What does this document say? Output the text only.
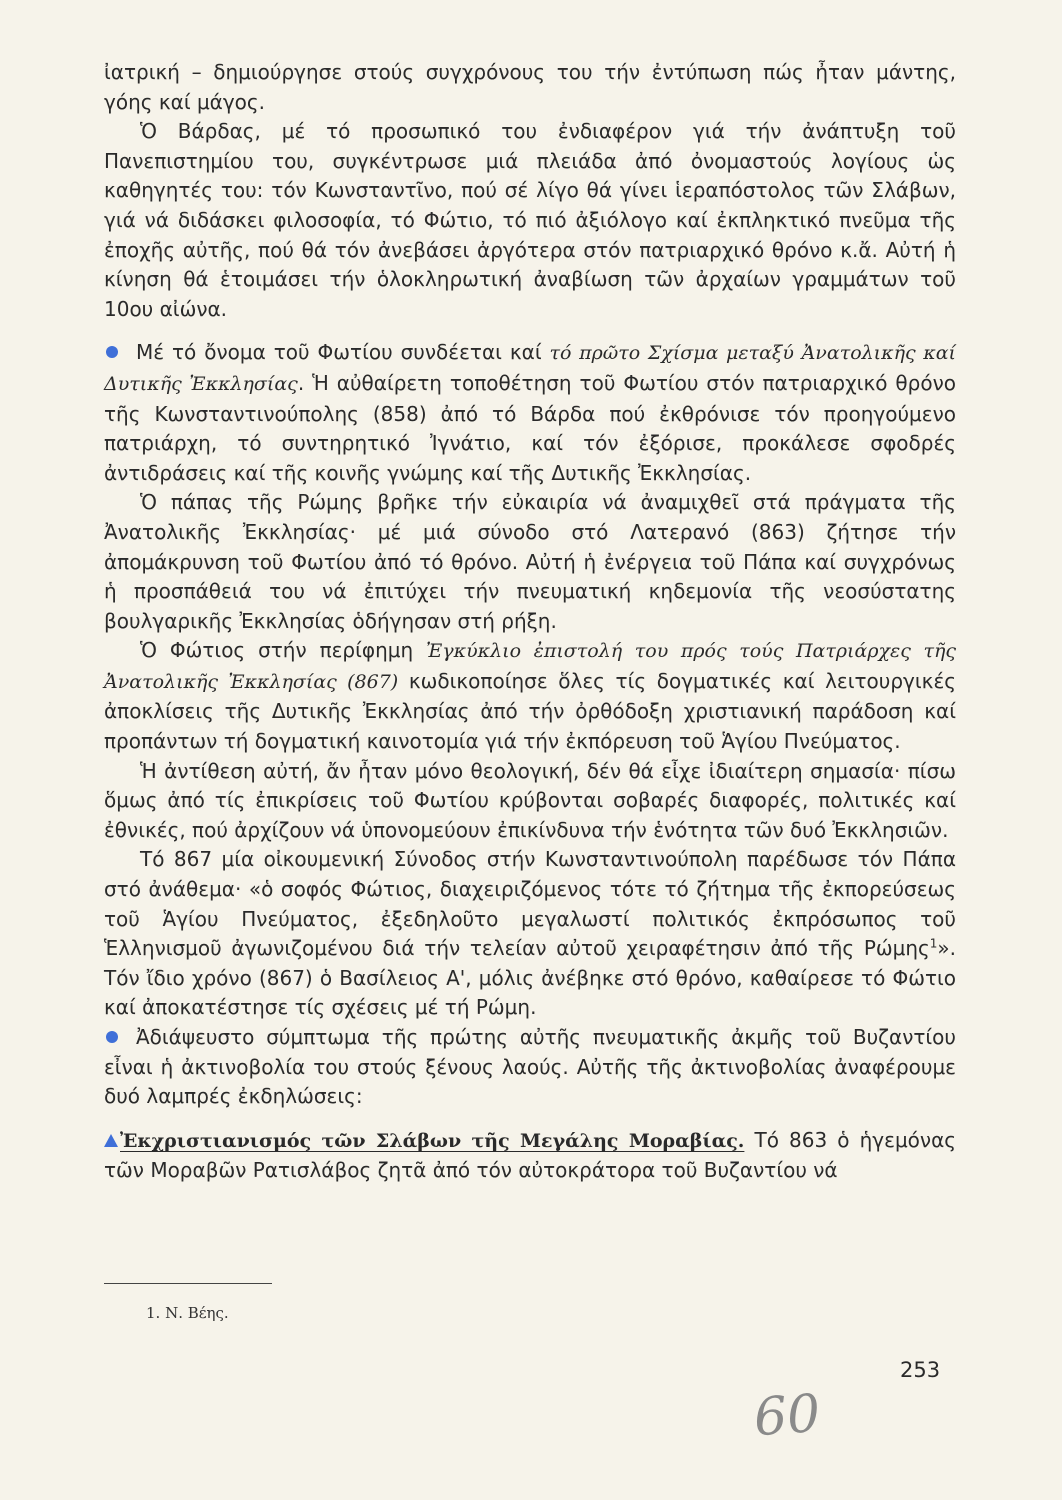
ἰατρική – δημιούργησε στούς συγχρόνους του τήν ἐντύπωση πώς ἦταν μάντης, γόης καί μάγος.

Ὁ Βάρδας, μέ τό προσωπικό του ἐνδιαφέρον γιά τήν ἀνάπτυξη τοῦ Πανεπιστημίου του, συγκέντρωσε μιά πλειάδα ἀπό ὀνομαστούς λογίους ὡς καθηγητές του: τόν Κωνσταντῖνο, πού σέ λίγο θά γίνει ἱεραπόστολος τῶν Σλάβων, γιά νά διδάσκει φιλοσοφία, τό Φώτιο, τό πιό ἀξιόλογο καί ἐκπληκτικό πνεῦμα τῆς ἐποχῆς αὐτῆς, πού θά τόν ἀνεβάσει ἀργότερα στόν πατριαρχικό θρόνο κ.ἄ. Αὐτή ἡ κίνηση θά ἑτοιμάσει τήν ὁλοκληρωτική ἀναβίωση τῶν ἀρχαίων γραμμάτων τοῦ 10ου αἰώνα.

Μέ τό ὄνομα τοῦ Φωτίου συνδέεται καί τό πρῶτο Σχίσμα μεταξύ Ἀνατολικῆς καί Δυτικῆς Ἐκκλησίας. Ἡ αὐθαίρετη τοποθέτηση τοῦ Φωτίου στόν πατριαρχικό θρόνο τῆς Κωνσταντινούπολης (858) ἀπό τό Βάρδα πού ἐκθρόνισε τόν προηγούμενο πατριάρχη, τό συντηρητικό Ἰγνάτιο, καί τόν ἐξόρισε, προκάλεσε σφοδρές ἀντιδράσεις καί τῆς κοινῆς γνώμης καί τῆς Δυτικῆς Ἐκκλησίας.

Ὁ πάπας τῆς Ρώμης βρῆκε τήν εὐκαιρία νά ἀναμιχθεῖ στά πράγματα τῆς Ἀνατολικῆς Ἐκκλησίας· μέ μιά σύνοδο στό Λατερανό (863) ζήτησε τήν ἀπομάκρυνση τοῦ Φωτίου ἀπό τό θρόνο. Αὐτή ἡ ἐνέργεια τοῦ Πάπα καί συγχρόνως ἡ προσπάθειά του νά ἐπιτύχει τήν πνευματική κηδεμονία τῆς νεοσύστατης βουλγαρικῆς Ἐκκλησίας ὁδήγησαν στή ρήξη.

Ὁ Φώτιος στήν περίφημη Ἐγκύκλιο ἐπιστολή του πρός τούς Πατριάρχες τῆς Ἀνατολικῆς Ἐκκλησίας (867) κωδικοποίησε ὅλες τίς δογματικές καί λειτουργικές ἀποκλίσεις τῆς Δυτικῆς Ἐκκλησίας ἀπό τήν ὀρθόδοξη χριστιανική παράδοση καί προπάντων τή δογματική καινοτομία γιά τήν ἐκπόρευση τοῦ Ἁγίου Πνεύματος.

Ἡ ἀντίθεση αὐτή, ἄν ἦταν μόνο θεολογική, δέν θά εἶχε ἰδιαίτερη σημασία· πίσω ὅμως ἀπό τίς ἐπικρίσεις τοῦ Φωτίου κρύβονται σοβαρές διαφορές, πολιτικές καί ἐθνικές, πού ἀρχίζουν νά ὑπονομεύουν ἐπικίνδυνα τήν ἑνότητα τῶν δυό Ἐκκλησιῶν.

Τό 867 μία οἰκουμενική Σύνοδος στήν Κωνσταντινούπολη παρέδωσε τόν Πάπα στό ἀνάθεμα· «ὁ σοφός Φώτιος, διαχειριζόμενος τότε τό ζήτημα τῆς ἐκπορεύσεως τοῦ Ἁγίου Πνεύματος, ἐξεδηλοῦτο μεγαλωστί πολιτικός ἐκπρόσωπος τοῦ Ἑλληνισμοῦ ἀγωνιζομένου διά τήν τελείαν αὐτοῦ χειραφέτησιν ἀπό τῆς Ρώμης$^1$». Τόν ἴδιο χρόνο (867) ὁ Βασίλειος Α', μόλις ἀνέβηκε στό θρόνο, καθαίρεσε τό Φώτιο καί ἀποκατέστησε τίς σχέσεις μέ τή Ρώμη.

Ἀδιάψευστο σύμπτωμα τῆς πρώτης αὐτῆς πνευματικῆς ἀκμῆς τοῦ Βυζαντίου εἶναι ἡ ἀκτινοβολία του στούς ξένους λαούς. Αὐτῆς τῆς ἀκτινοβολίας ἀναφέρουμε δυό λαμπρές ἐκδηλώσεις:

Ἐκχριστιανισμός τῶν Σλάβων τῆς Μεγάλης Μοραβίας. Τό 863 ὁ ἡγεμόνας τῶν Μοραβῶν Ρατισλάβος ζητᾶ ἀπό τόν αὐτοκράτορα τοῦ Βυζαντίου νά

1. Ν. Βέης.
253
60
